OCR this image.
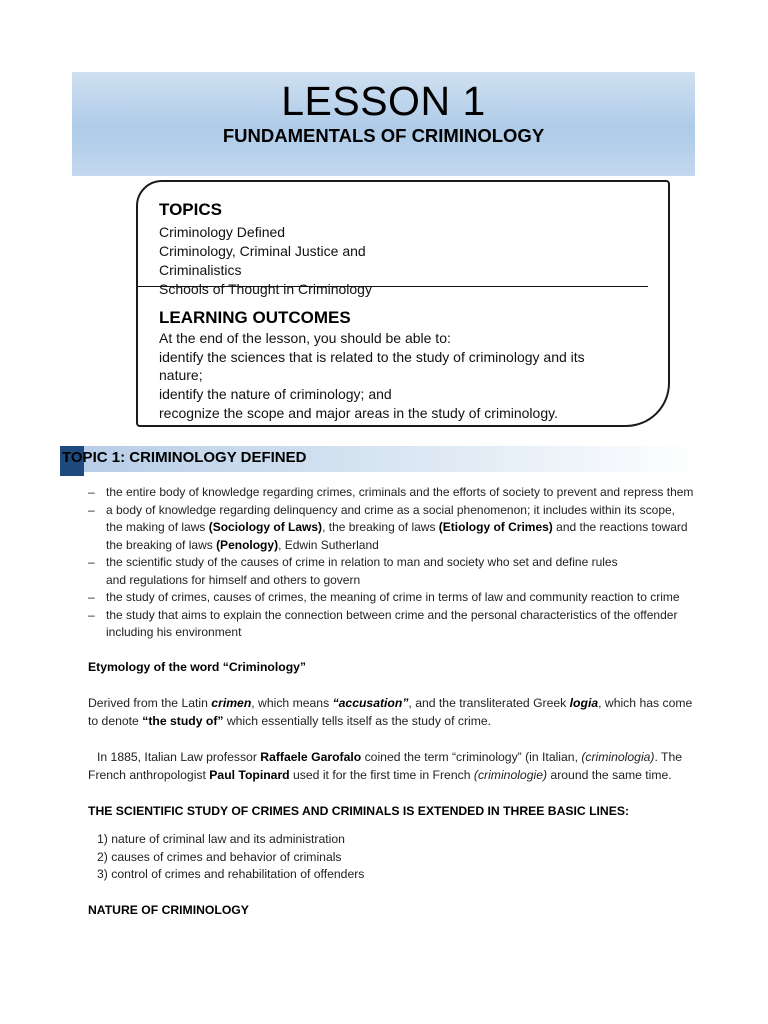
LESSON 1
FUNDAMENTALS OF CRIMINOLOGY
TOPICS
Criminology Defined
Criminology, Criminal Justice and
Criminalistics
Schools of Thought in Criminology
LEARNING OUTCOMES
At the end of the lesson, you should be able to:
identify the sciences that is related to the study of criminology and its
nature;
identify the nature of criminology; and
recognize the scope and major areas in the study of criminology.
TOPIC 1: CRIMINOLOGY DEFINED
– the entire body of knowledge regarding crimes, criminals and the efforts of society to prevent and repress them
– a body of knowledge regarding delinquency and crime as a social phenomenon; it includes within its scope,
the making of laws (Sociology of Laws), the breaking of laws (Etiology of Crimes) and the reactions toward
the breaking of laws (Penology), Edwin Sutherland
– the scientific study of the causes of crime in relation to man and society who set and define rules
and regulations for himself and others to govern
– the study of crimes, causes of crimes, the meaning of crime in terms of law and community reaction to crime
– the study that aims to explain the connection between crime and the personal characteristics of the offender
including his environment
Etymology of the word “Criminology”
Derived from the Latin crimen, which means “accusation”, and the transliterated Greek logia, which has come
to denote “the study of” which essentially tells itself as the study of crime.
In 1885, Italian Law professor Raffaele Garofalo coined the term “criminology” (in Italian, (criminologia). The
French anthropologist Paul Topinard used it for the first time in French (criminologie) around the same time.
THE SCIENTIFIC STUDY OF CRIMES AND CRIMINALS IS EXTENDED IN THREE BASIC LINES:
1) nature of criminal law and its administration
2) causes of crimes and behavior of criminals
3) control of crimes and rehabilitation of offenders
NATURE OF CRIMINOLOGY
